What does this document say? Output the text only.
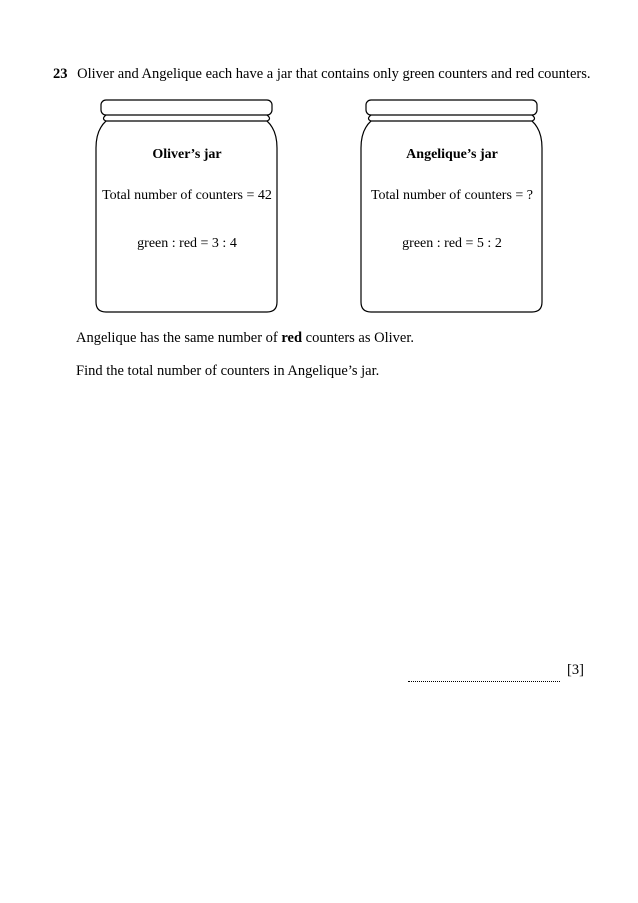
23 Oliver and Angelique each have a jar that contains only green counters and red counters.
Oliver’s jar
Total number of counters = 42
green : red = 3 : 4
Angelique’s jar
Total number of counters = ?
green : red = 5 : 2
Angelique has the same number of red counters as Oliver.
Find the total number of counters in Angelique’s jar.
[3]
